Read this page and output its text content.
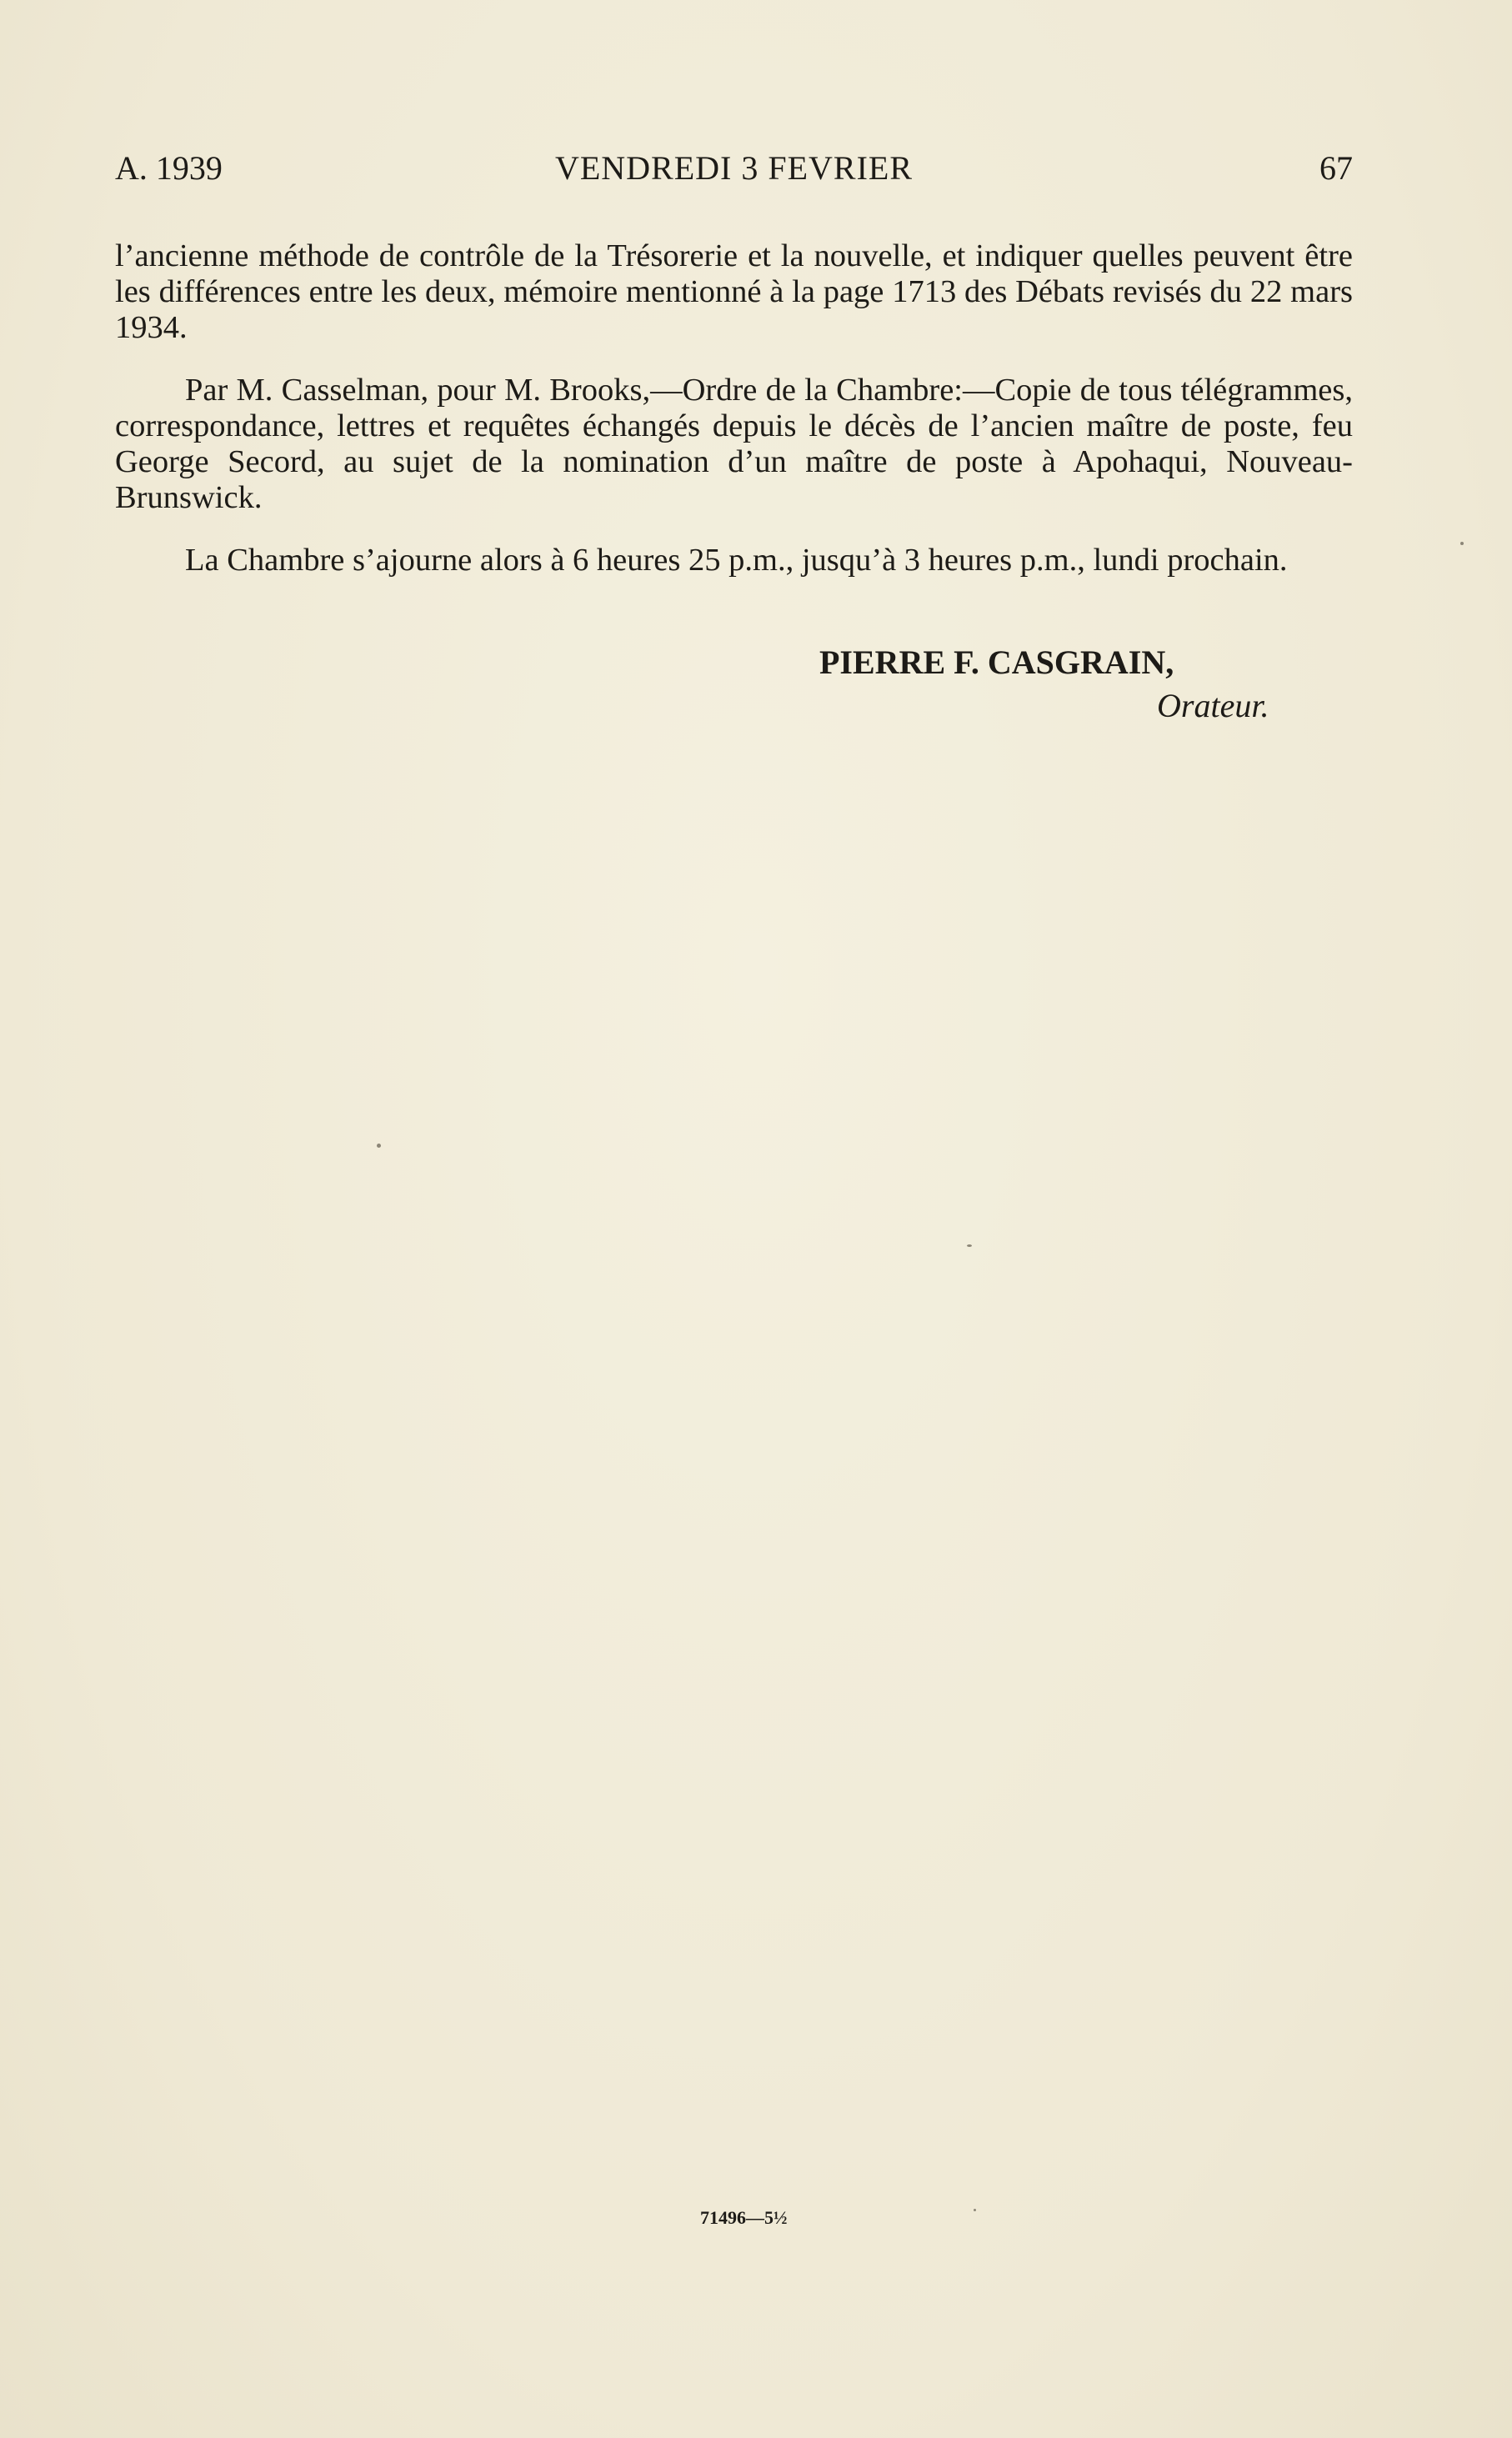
A. 1939	VENDREDI 3 FEVRIER	67

l’ancienne méthode de contrôle de la Trésorerie et la nouvelle, et indiquer quelles peuvent être les différences entre les deux, mémoire mentionné à la page 1713 des Débats revisés du 22 mars 1934.

Par M. Casselman, pour M. Brooks,—Ordre de la Chambre:—Copie de tous télégrammes, correspondance, lettres et requêtes échangés depuis le décès de l’ancien maître de poste, feu George Secord, au sujet de la nomination d’un maître de poste à Apohaqui, Nouveau-Brunswick.

La Chambre s’ajourne alors à 6 heures 25 p.m., jusqu’à 3 heures p.m., lundi prochain.

PIERRE F. CASGRAIN,
Orateur.
71496—5½
